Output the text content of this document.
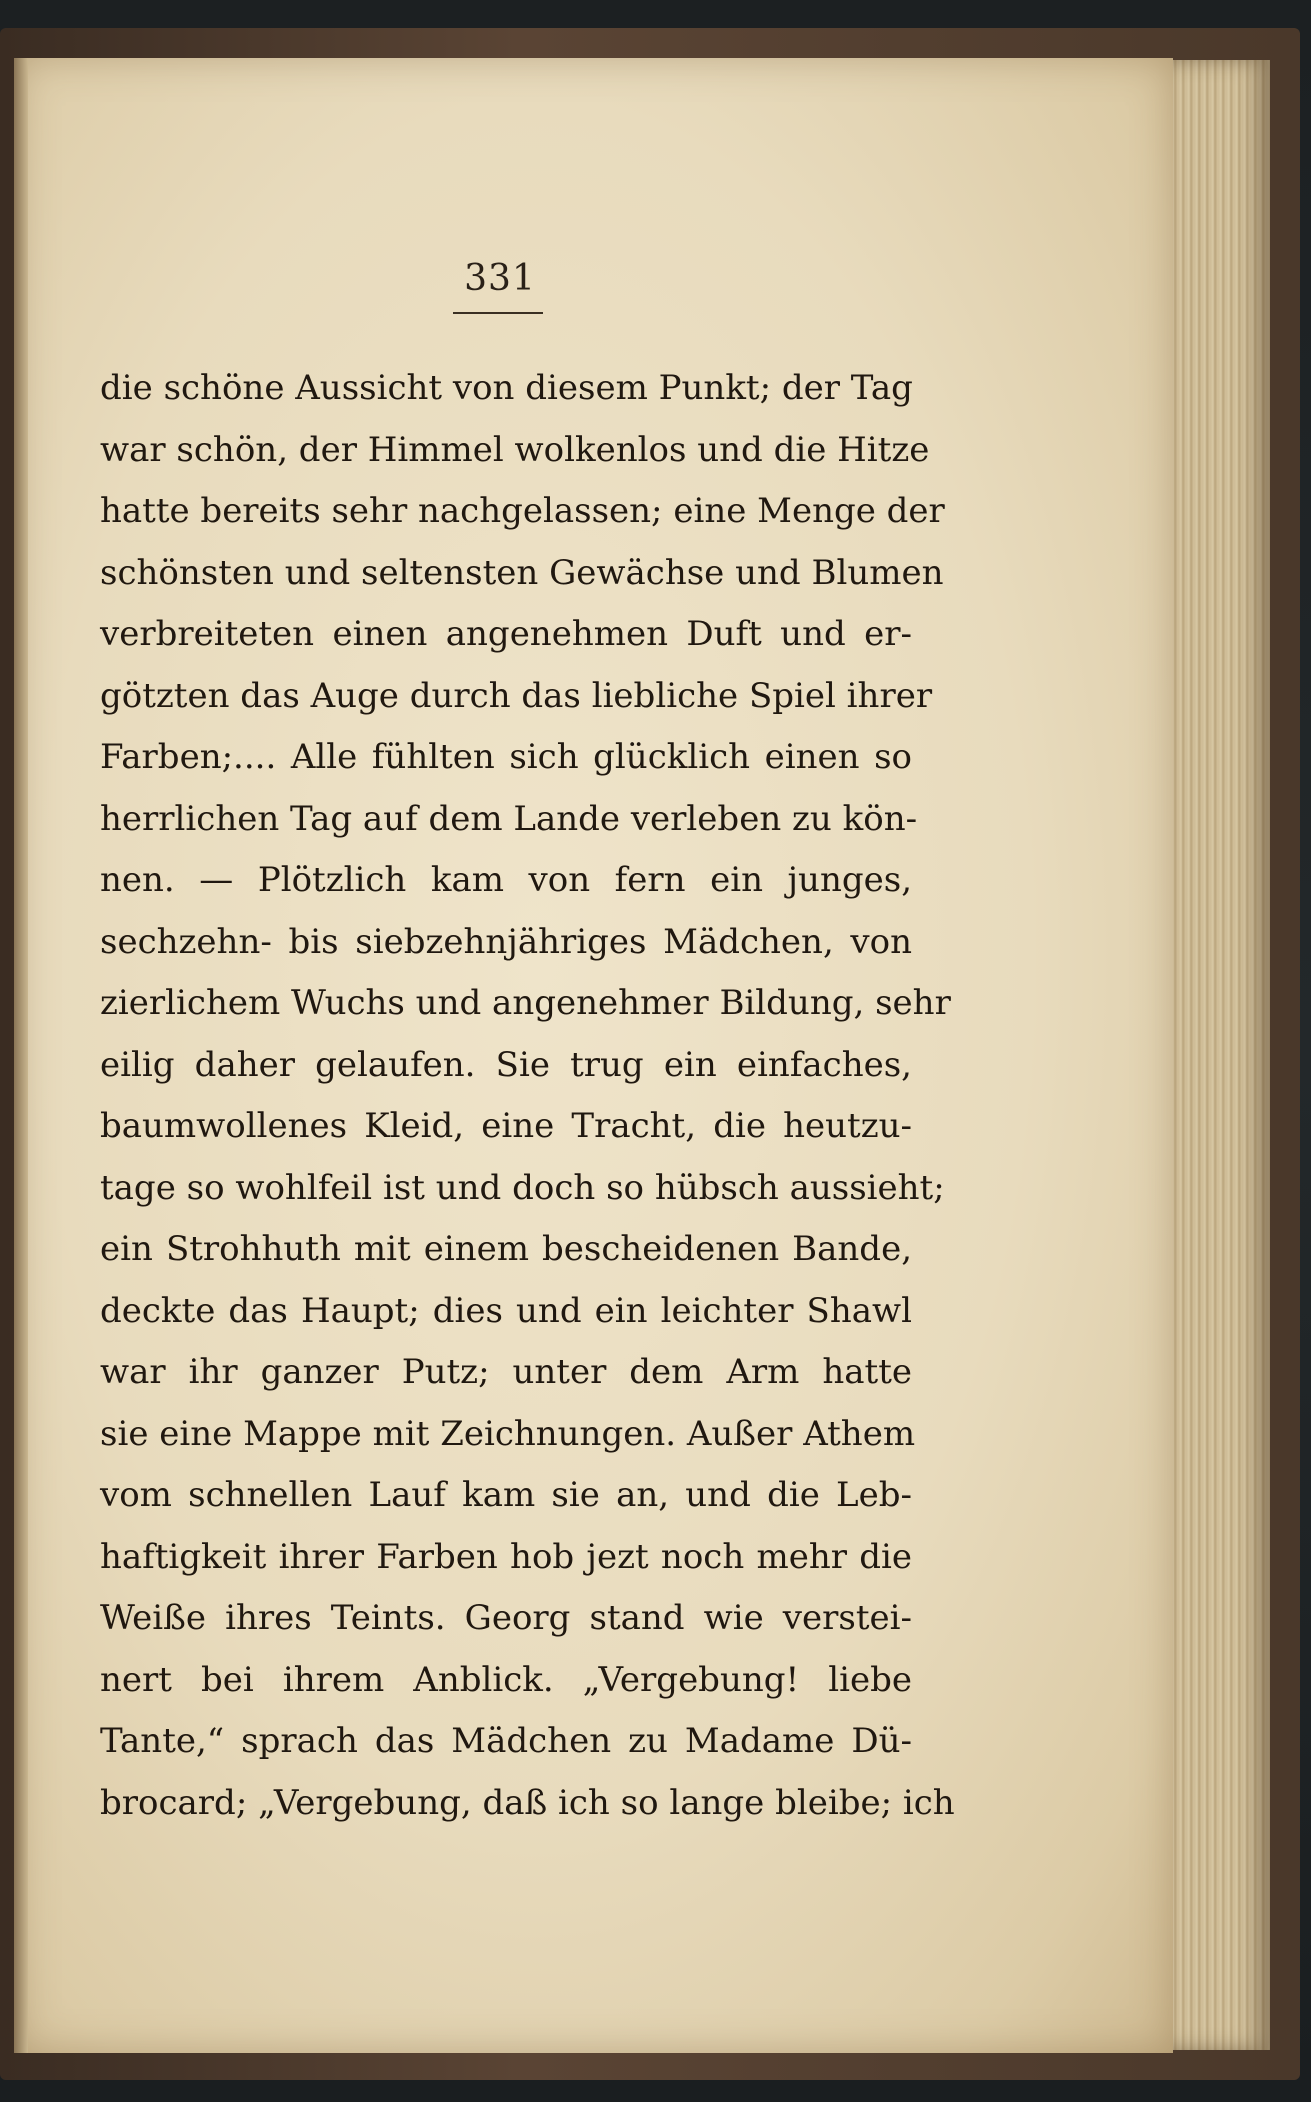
331
die schöne Aussicht von diesem Punkt; der Tag
war schön, der Himmel wolkenlos und die Hitze
hatte bereits sehr nachgelassen; eine Menge der
schönsten und seltensten Gewächse und Blumen
verbreiteten einen angenehmen Duft und er-
götzten das Auge durch das liebliche Spiel ihrer
Farben;.... Alle fühlten sich glücklich einen so
herrlichen Tag auf dem Lande verleben zu kön-
nen. — Plötzlich kam von fern ein junges,
sechzehn- bis siebzehnjähriges Mädchen, von
zierlichem Wuchs und angenehmer Bildung, sehr
eilig daher gelaufen. Sie trug ein einfaches,
baumwollenes Kleid, eine Tracht, die heutzu-
tage so wohlfeil ist und doch so hübsch aussieht;
ein Strohhuth mit einem bescheidenen Bande,
deckte das Haupt; dies und ein leichter Shawl
war ihr ganzer Putz; unter dem Arm hatte
sie eine Mappe mit Zeichnungen. Außer Athem
vom schnellen Lauf kam sie an, und die Leb-
haftigkeit ihrer Farben hob jezt noch mehr die
Weiße ihres Teints. Georg stand wie verstei-
nert bei ihrem Anblick. „Vergebung! liebe
Tante,“ sprach das Mädchen zu Madame Dü-
brocard; „Vergebung, daß ich so lange bleibe; ich
